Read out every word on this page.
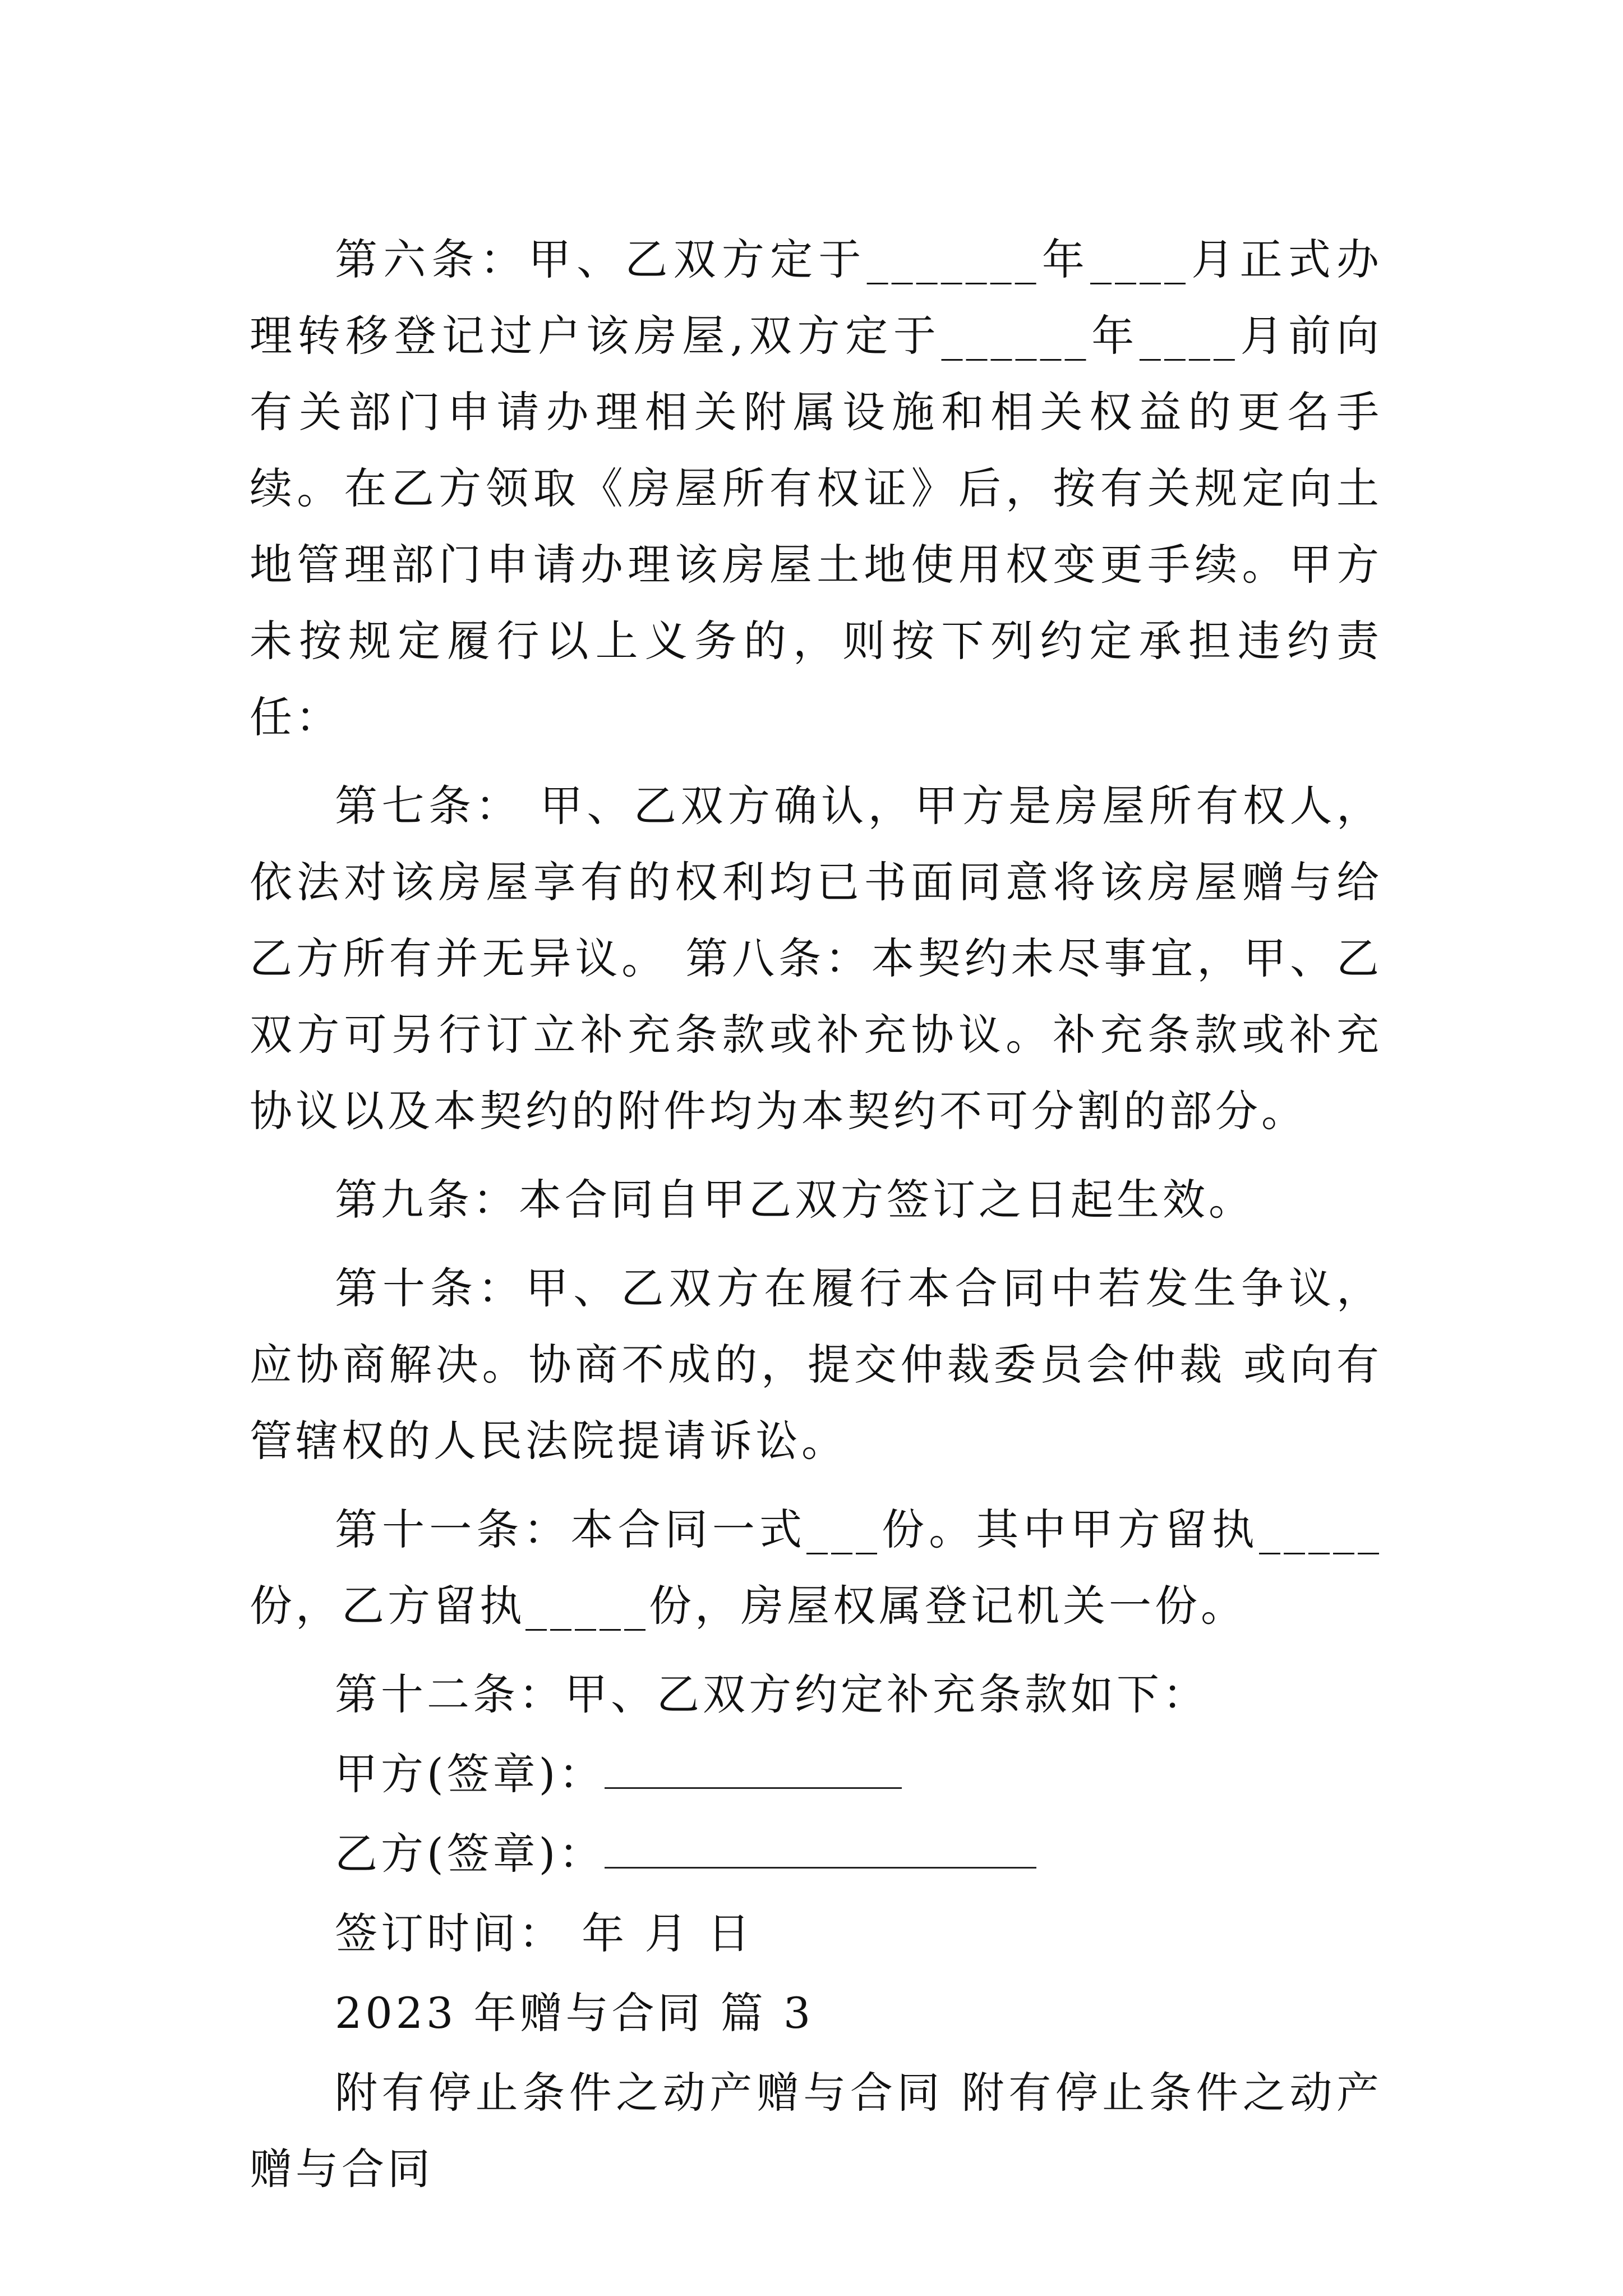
第六条：甲、乙双方定于_______年____月正式办理转移登记过户该房屋,双方定于______年____月前向有关部门申请办理相关附属设施和相关权益的更名手续。在乙方领取《房屋所有权证》后，按有关规定向土地管理部门申请办理该房屋土地使用权变更手续。甲方未按规定履行以上义务的，则按下列约定承担违约责任：

第七条： 甲、乙双方确认，甲方是房屋所有权人，依法对该房屋享有的权利均已书面同意将该房屋赠与给乙方所有并无异议。 第八条：本契约未尽事宜，甲、乙双方可另行订立补充条款或补充协议。补充条款或补充协议以及本契约的附件均为本契约不可分割的部分。

第九条：本合同自甲乙双方签订之日起生效。

第十条：甲、乙双方在履行本合同中若发生争议，应协商解决。协商不成的，提交仲裁委员会仲裁 或向有管辖权的人民法院提请诉讼。

第十一条：本合同一式___份。其中甲方留执_____份，乙方留执_____份，房屋权属登记机关一份。

第十二条：甲、乙双方约定补充条款如下：

甲方(签章)：

乙方(签章)：

签订时间： 年 月 日

2023 年赠与合同 篇 3

附有停止条件之动产赠与合同 附有停止条件之动产赠与合同
